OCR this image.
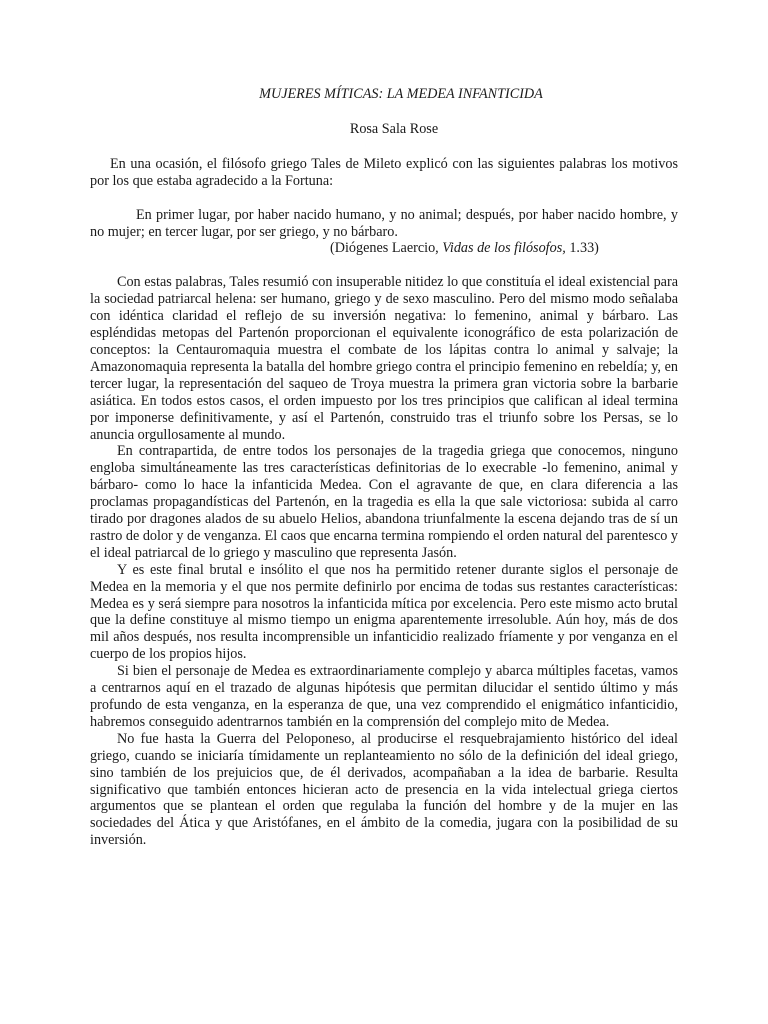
MUJERES MÍTICAS: LA MEDEA INFANTICIDA

Rosa Sala Rose

En una ocasión, el filósofo griego Tales de Mileto explicó con las siguientes palabras los motivos por los que estaba agradecido a la Fortuna:

En primer lugar, por haber nacido humano, y no animal; después, por haber nacido hombre, y no mujer; en tercer lugar, por ser griego, y no bárbaro.

(Diógenes Laercio, Vidas de los filósofos, 1.33)

Con estas palabras, Tales resumió con insuperable nitidez lo que constituía el ideal existencial para la sociedad patriarcal helena: ser humano, griego y de sexo masculino. Pero del mismo modo señalaba con idéntica claridad el reflejo de su inversión negativa: lo femenino, animal y bárbaro. Las espléndidas metopas del Partenón proporcionan el equivalente iconográfico de esta polarización de conceptos: la Centauromaquia muestra el combate de los lápitas contra lo animal y salvaje; la Amazonomaquia representa la batalla del hombre griego contra el principio femenino en rebeldía; y, en tercer lugar, la representación del saqueo de Troya muestra la primera gran victoria sobre la barbarie asiática. En todos estos casos, el orden impuesto por los tres principios que califican al ideal termina por imponerse definitivamente, y así el Partenón, construido tras el triunfo sobre los Persas, se lo anuncia orgullosamente al mundo.

En contrapartida, de entre todos los personajes de la tragedia griega que conocemos, ninguno engloba simultáneamente las tres características definitorias de lo execrable -lo femenino, animal y bárbaro- como lo hace la infanticida Medea. Con el agravante de que, en clara diferencia a las proclamas propagandísticas del Partenón, en la tragedia es ella la que sale victoriosa: subida al carro tirado por dragones alados de su abuelo Helios, abandona triunfalmente la escena dejando tras de sí un rastro de dolor y de venganza. El caos que encarna termina rompiendo el orden natural del parentesco y el ideal patriarcal de lo griego y masculino que representa Jasón.

Y es este final brutal e insólito el que nos ha permitido retener durante siglos el personaje de Medea en la memoria y el que nos permite definirlo por encima de todas sus restantes características: Medea es y será siempre para nosotros la infanticida mítica por excelencia. Pero este mismo acto brutal que la define constituye al mismo tiempo un enigma aparentemente irresoluble. Aún hoy, más de dos mil años después, nos resulta incomprensible un infanticidio realizado fríamente y por venganza en el cuerpo de los propios hijos.

Si bien el personaje de Medea es extraordinariamente complejo y abarca múltiples facetas, vamos a centrarnos aquí en el trazado de algunas hipótesis que permitan dilucidar el sentido último y más profundo de esta venganza, en la esperanza de que, una vez comprendido el enigmático infanticidio, habremos conseguido adentrarnos también en la comprensión del complejo mito de Medea.

No fue hasta la Guerra del Peloponeso, al producirse el resquebrajamiento histórico del ideal griego, cuando se iniciaría tímidamente un replanteamiento no sólo de la definición del ideal griego, sino también de los prejuicios que, de él derivados, acompañaban a la idea de barbarie. Resulta significativo que también entonces hicieran acto de presencia en la vida intelectual griega ciertos argumentos que se plantean el orden que regulaba la función del hombre y de la mujer en las sociedades del Ática y que Aristófanes, en el ámbito de la comedia, jugara con la posibilidad de su inversión.
